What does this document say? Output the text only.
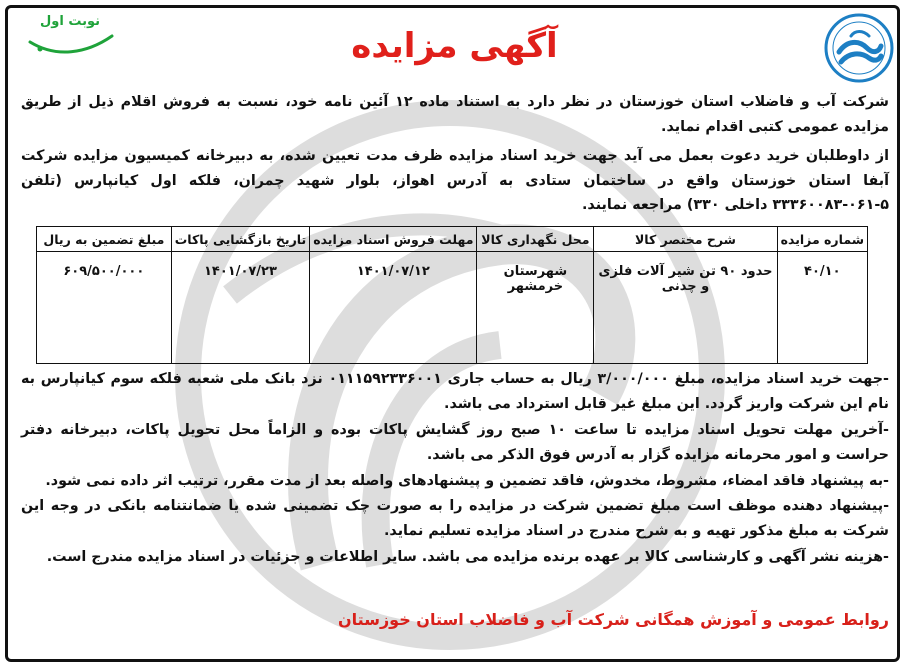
نوبت اول
آگهی مزایده
شرکت آب و فاضلاب استان خوزستان در نظر دارد به استناد ماده ۱۲ آئین نامه خود، نسبت به فروش اقلام ذیل از طریق مزایده عمومی کتبی اقدام نماید.
از داوطلبان خرید دعوت بعمل می آید جهت خرید اسناد مزایده ظرف مدت تعیین شده، به دبیرخانه کمیسیون مزایده شرکت آبفا استان خوزستان واقع در ساختمان ستادی به آدرس اهواز، بلوار شهید چمران، فلکه اول کیانپارس (تلفن ۵-۰۶۱-۳۳۳۶۰۰۸۳ داخلی ۳۳۰) مراجعه نمایند.
شماره مزایده	شرح مختصر کالا	محل نگهداری کالا	مهلت فروش اسناد مزایده	تاریخ بازگشایی پاکات	مبلغ تضمین به ریال
۴۰/۱۰	حدود ۹۰ تن شیر آلات فلزی و چدنی	شهرستان خرمشهر	۱۴۰۱/۰۷/۱۲	۱۴۰۱/۰۷/۲۳	۶۰۹/۵۰۰/۰۰۰
-جهت خرید اسناد مزایده، مبلغ ۳/۰۰۰/۰۰۰ ریال به حساب جاری ۰۱۱۱۵۹۲۳۳۶۰۰۱ نزد بانک ملی شعبه فلکه سوم کیانپارس به نام این شرکت واریز گردد. این مبلغ غیر قابل استرداد می باشد.
-آخرین مهلت تحویل اسناد مزایده تا ساعت ۱۰ صبح روز گشایش پاکات بوده و الزاماً محل تحویل پاکات، دبیرخانه دفتر حراست و امور محرمانه مزایده گزار به آدرس فوق الذکر می باشد.
-به پیشنهاد فاقد امضاء، مشروط، مخدوش، فاقد تضمین و پیشنهادهای واصله بعد از مدت مقرر، ترتیب اثر داده نمی شود.
-پیشنهاد دهنده موظف است مبلغ تضمین شرکت در مزایده را به صورت چک تضمینی شده یا ضمانتنامه بانکی در وجه این شرکت به مبلغ مذکور تهیه و به شرح مندرج در اسناد مزایده تسلیم نماید.
-هزینه نشر آگهی و کارشناسی کالا بر عهده برنده مزایده می باشد. سایر اطلاعات و جزئیات در اسناد مزایده مندرج است.
روابط عمومی و آموزش همگانی شرکت آب و فاضلاب استان خوزستان
